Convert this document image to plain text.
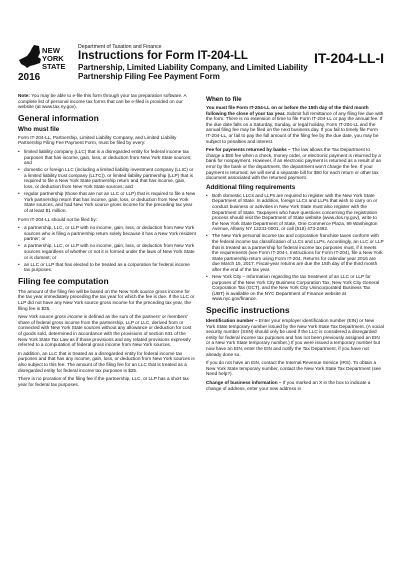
NEW
YORK
STATE
2016
Department of Taxation and Finance
Instructions for Form IT-204-LL
Partnership, Limited Liability Company, and Limited Liability Partnership Filing Fee Payment Form
IT-204-LL-I

Note: You may be able to e-file this form through your tax preparation software. A complete list of personal income tax forms that can be e-filed is provided on our website (at www.tax.ny.gov).

General information
Who must file

Form IT-204-LL, Partnership, Limited Liability Company, and Limited Liability Partnership Filing Fee Payment Form, must be filed by every:

• limited liability company (LLC) that is a disregarded entity for federal income tax purposes that has income, gain, loss, or deduction from New York State sources; and
• domestic or foreign LLC (including a limited liability investment company (LLIC) or a limited liability trust company (LLTC)), or limited liability partnership (LLP) that is required to file a New York State partnership return and that has income, gain, loss, or deduction from New York State sources; and
• regular partnership (those that are not an LLC or LLP) that is required to file a New York partnership return that has income, gain, loss, or deduction from New York State sources, and had New York source gross income for the preceding tax year of at least $1 million.

Form IT-204-LL should not be filed by:

• a partnership, LLC, or LLP with no income, gain, loss, or deduction from New York sources who is filing a partnership return solely because it has a New York resident partner; or
• a partnership, LLC, or LLP with no income, gain, loss, or deduction from New York sources regardless of whether or not it is formed under the laws of New York State or is domest; or
• an LLC or LLP that has elected to be treated as a corporation for federal income tax purposes.
Filing fee computation

The amount of the filing fee will be based on the New York source gross income for the tax year immediately preceding the tax year for which the fee is due. If the LLC or LLP did not have any New York source gross income for the preceding tax year, the filing fee is $25.

New York source gross income is defined as the sum of the partners' or members' share of federal gross income from the partnership, LLP or LLC, derived from or connected with New York State sources without any allowance or deduction for cost of goods sold, determined in accordance with the provisions of section 631 of the New York State Tax Law as if those provisions and any related provisions expressly referred to a computation of federal gross income from New York sources.

In addition, an LLC that is treated as a disregarded entity for federal income tax purposes and that has any income, gain, loss, or deduction from New York sources is also subject to this fee. The amount of the filing fee for an LLC that is treated as a disregarded entity for federal income tax purposes is $25.

There is no proration of the filing fee if the partnership, LLC, or LLP has a short tax year for federal tax purposes.

When to file

You must file Form IT-204-LL on or before the 15th day of the third month following the close of your tax year. Submit full remittance of any filing fee due with the form. There is no extension of time to file Form IT-204-LL or pay the annual fee. If the due date falls on a Saturday, Sunday, or legal holiday, Form IT-204-LL and the annual filing fee may be filed on the next business day. If you fail to timely file Form IT-204-LL, or fail to pay the full amount of the filing fee by the due date, you may be subject to penalties and interest.

Fee for payments returned by banks – The law allows the Tax Department to charge a $50 fee when a check, money order, or electronic payment is returned by a bank for nonpayment. However, if an electronic payment is returned as a result of an error by the bank or the department, the department won't charge the fee. If your payment is returned, we will send a separate bill for $50 for each return or other tax document associated with the returned payment.

Additional filing requirements
• Both domestic LLCs and LLPs are required to register with the New York State Department of State. In addition, foreign LLCs and LLPs that wish to carry on or conduct business or activities in New York State must also register with the Department of State. Taxpayers who have questions concerning the registration process should visit the Department of State website (www.dos.ny.gov), write to the New York State Department of State, One Commerce Plaza, 99 Washington Avenue, Albany NY 12231-0001, or call (518) 473-2492.
• The New York personal income tax and corporation franchise taxes conform with the federal income tax classification of LLCs and LLPs. Accordingly, an LLC or LLP that is treated as a partnership for federal income tax purposes must, if it meets the requirements (see Form IT-204-I, Instructions for Form IT-204), file a New York State partnership return using Form IT-204. Returns for calendar year 2016 are due March 15, 2017. Fiscal-year returns are due the 15th day of the third month after the end of the tax year.
• New York City – Information regarding the tax treatment of an LLC or LLP for purposes of the New York City Business Corporation Tax, New York City General Corporation Tax (GCT), and the New York City Unincorporated Business Tax (UBT) is available on the NYC Department of Finance website at www.nyc.gov/finance.
Specific instructions

Identification number – Enter your employer identification number (EIN) or New York State temporary number issued by the New York State Tax Department. (A social security number (SSN) should only be used if the LLC is considered a disregarded entity for federal income tax purposes and has not been previously assigned an EIN or a New York State temporary number.) If you were issued a temporary number but now have an EIN, enter the EIN and notify the Tax Department, if you have not already done so.

If you do not have an EIN, contact the Internal Revenue Service (IRS). To obtain a New York State temporary number, contact the New York State Tax Department (see Need help?).

Change of business information – If you marked an X in the box to indicate a change of address, enter your new address in
